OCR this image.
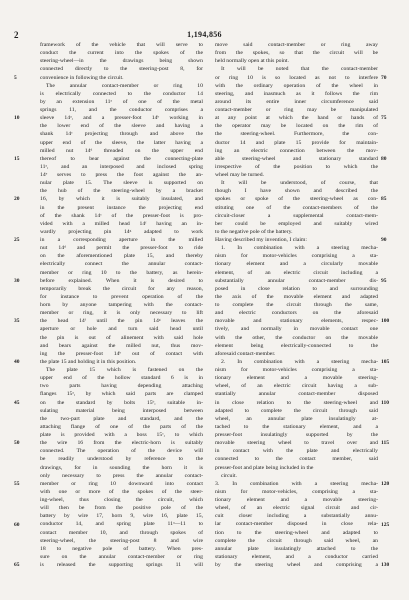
2	1,194,856
framework of the vehicle that will serve to
conduct the current into the spokes of the
steering-wheel—in the drawings being shown
connected directly to the steering-post 8, for
convenience in following the circuit.
The annular contact-member or ring 10
is electrically connected to the conductor 14
by an extension 11ᵃ of one of the metal
springs 11, and the conductor comprises a
sleeve 14ᵃ, and a presser-foot 14ᵇ working in
the lower end of the sleeve and having a
shank 14ᶜ projecting through and above the
upper end of the sleeve, the latter having a
milled nut 14ᵈ threaded on the upper end
thereof to bear against the connecting-plate
11ᵃ, and an interposed and inclosed spring
14ᵉ serves to press the foot against the an-
nular plate 15. The sleeve is supported on
the hub of the steering-wheel by a bracket
16, by which it is suitably insulated, and
in the present instance the projecting end
of the shank 14ᶜ of the presser-foot is pro-
vided with a milled head 14ᶠ having an in-
wardly projecting pin 14ᵍ adapted to work
in a corresponding aperture in the milled
nut 14ᵈ and permit the presser-foot to ride
on the aforementioned plate 15, and thereby
electrically connect the annular contact-
member or ring 10 to the battery, as herein-
before explained. When it is desired to
temporarily break the circuit for any reason,
for instance to prevent operation of the
horn by anyone tampering with the contact-
member or ring, it is only necessary to lift
the head 14ᶠ until the pin 14ᵍ leaves the
aperture or hole and turn said head until
the pin is out of alinement with said hole
and bears against the milled nut, thus mov-
ing the presser-foot 14ᵇ out of contact with
the plate 15 and holding it in this position.
The plate 15 which is fastened on the
upper end of the hollow standard 6 is in
two parts having depending attaching
flanges 15ᵃ, by which said parts are clamped
on the standard by bolts 15ᵇ, suitable in-
sulating material being interposed between
the two-part plate and standard, and the
attaching flange of one of the parts of the
plate is provided with a boss 15ᶜ, to which
the wire 16 from the electric-horn is suitably
connected. The operation of the device will
be readily understood by reference to the
drawings, for in sounding the horn it is
only necessary to press the annular contact-
member or ring 10 downward into contact
with one or more of the spokes of the steer-
ing-wheel, thus closing the circuit, which
will then be from the positive pole of the
battery by wire 17, horn 9, wire 16, plate 15,
conductor 14, and spring plate 11ᵃ—11 to
contact member 10, and through spokes of
steering-wheel, the steering-post 8 and wire
18 to negative pole of battery. When pres-
sure on the annular contact-member or ring
is released the supporting springs 11 will
move said contact-member or ring away
from the spokes, so that the circuit will be
held normally open at this point.
It will be noted that the contact-member
or ring 10 is so located as not to interfere
with the ordinary operation of the wheel in
steering, and inasmuch as it follows the rim
around its entire inner circumference said
contact-member or ring may be manipulated
at any point at which the hand or hands of
the operator may be located on the rim of
the steering-wheel. Furthermore, the con-
ductor 14 and plate 15 provide for maintain-
ing an electric connection between the mov-
able steering-wheel and stationary standard
irrespective of the position to which the
wheel may be turned.
It will be understood, of course, that
though I have shown and described the
spokes or spoke of the steering-wheel as con-
stituting one of the contact-members of the
circuit-closer a supplemental contact-mem-
ber could be employed and suitably wired
to the negative pole of the battery.
Having described my invention, I claim:
1. In combination with a steering mecha-
nism for motor-vehicles comprising a sta-
tionary element and a circularly movable
element, of an electric circuit including a
substantially annular contact-member dis-
posed in close relation to and surrounding
the axis of the movable element and adapted
to complete the circuit through the same,
and electric conductors on the aforesaid
movable and stationary elements, respec-
tively, and normally in movable contact one
with the other, the conductor on the movable
element being electrically-connected to the
aforesaid contact-member.
2. In combination with a steering mecha-
nism for motor-vehicles comprising a sta-
tionary element and a movable steering-
wheel, of an electric circuit having a sub-
stantially annular contact-member disposed
in close relation to the steering-wheel and
adapted to complete the circuit through said
wheel, an annular plate insulatingly at-
tached to the stationary element, and a
presser-foot insulatingly supported by the
movable steering wheel to travel over and
in contact with the plate and electrically
connected to the contact member, said
presser-foot and plate being included in the
circuit.
3. In combination with a steering mecha-
nism for motor-vehicles, comprising a sta-
tionary element and a movable steering-
wheel, of an electric signal circuit and cir-
cuit closer including a substantially annu-
lar contact-member disposed in close rela-
tion to the steering-wheel and adapted to
complete the circuit through said wheel, an
annular plate insulatingly attached to the
stationary element, and a conductor carried
by the steering wheel and comprising a
5
10
15
20
25
30
35
40
45
50
55
60
65
70
75
80
85
90
95
100
105
110
115
120
125
130
